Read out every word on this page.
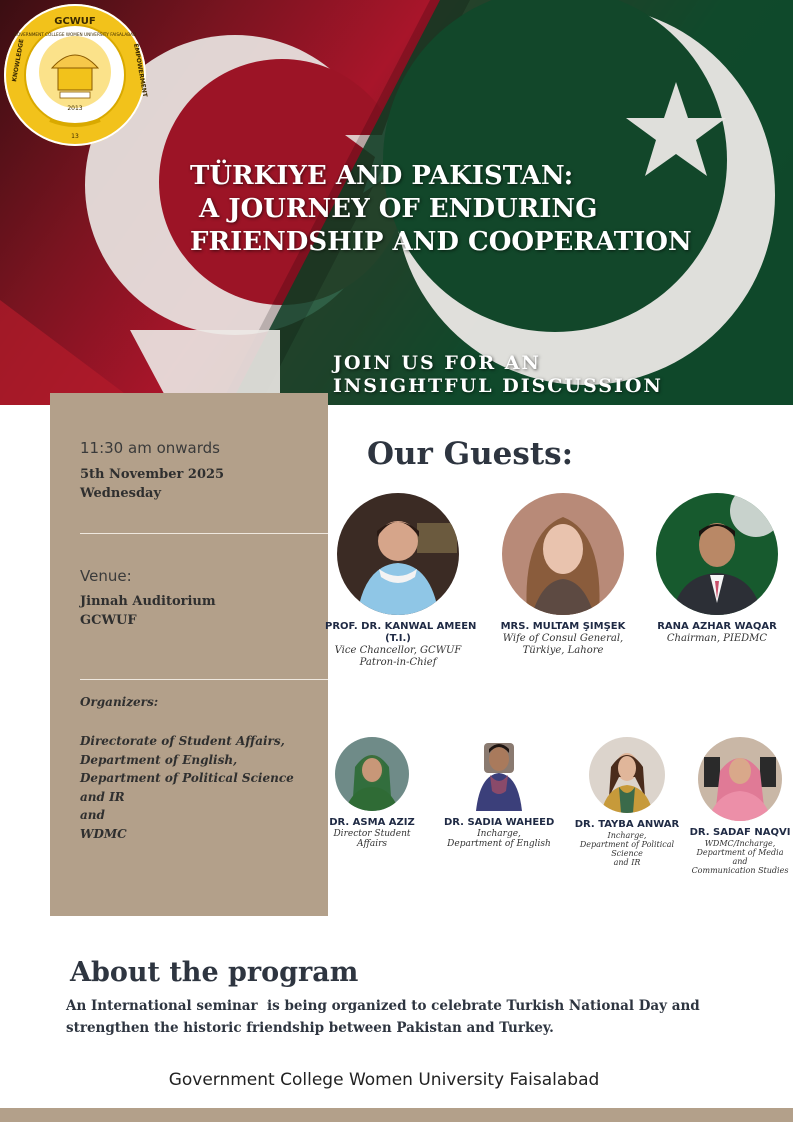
GCWUF
2013
13
GOVERNMENT COLLEGE WOMEN UNIVERSITY FAISALABAD
KNOWLEDGE	EMPOWERMENT
TÜRKIYE AND PAKISTAN:
A JOURNEY OF ENDURING
FRIENDSHIP AND COOPERATION
JOIN US FOR AN
INSIGHTFUL DISCUSSION
11:30 am onwards
5th November 2025
Wednesday
Venue:
Jinnah Auditorium
GCWUF
Organizers:
Directorate of Student Affairs,
Department of English,
Department of Political Science
and IR
and
WDMC
Our Guests:
PROF. DR. KANWAL AMEEN
(T.I.)
Vice Chancellor, GCWUF
Patron-in-Chief
MRS. MULTAM ŞIMŞEK
Wife of Consul General,
Türkiye, Lahore
RANA AZHAR WAQAR
Chairman, PIEDMC
DR. ASMA AZIZ
Director Student Affairs
DR. SADIA WAHEED
Incharge,
Department of English
DR. TAYBA ANWAR
Incharge,
Department of Political Science
and IR
DR. SADAF NAQVI
WDMC/Incharge,
Department of Media and
Communication Studies
About the program
An International seminar  is being organized to celebrate Turkish National Day and strengthen the historic friendship between Pakistan and Turkey.
Government College Women University Faisalabad
